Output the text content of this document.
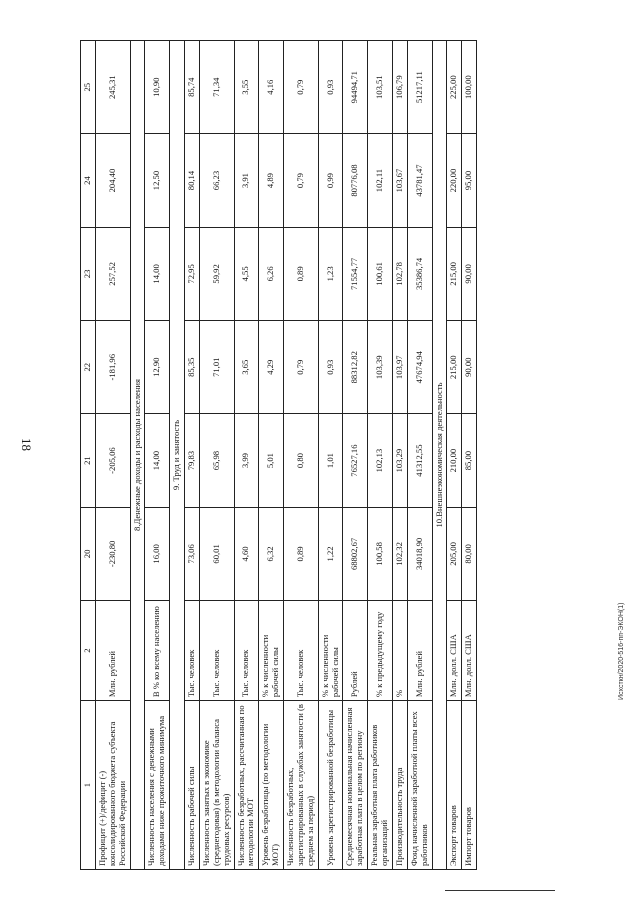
18
1	2	20	21	22	23	24	25
Профицит (+)/дефицит (-) консолидированного бюджета субъекта Российской Федерации	Млн. рублей	-230,80	-205,06	-181,96	257,52	204,40	245,31
8.Денежные доходы и расходы населения							
Численность населения с денежными доходами ниже прожиточного минимума	В % ко всему населению	16,00	14,00	12,90	14,00	12,50	10,90
9. Труд и занятость							
Численность рабочей силы	Тыс. человек	73,06	79,83	85,35	72,95	80,14	85,74
Численность занятых в экономике (среднегодовая) (в методологии баланса трудовых ресурсов)	Тыс. человек	60,01	65,98	71,01	59,92	66,23	71,34
Численность безработных, рассчитанная по методологии МОТ	Тыс. человек	4,60	3,99	3,65	4,55	3,91	3,55
Уровень безработицы (по методологии МОТ)	% к численности рабочей силы	6,32	5,01	4,29	6,26	4,89	4,16
Численность безработных, зарегистрированных в службах занятости (в среднем за период)	Тыс. человек	0,89	0,80	0,79	0,89	0,79	0,79
Уровень зарегистрированной безработицы	% к численности рабочей силы	1,22	1,01	0,93	1,23	0,99	0,93
Среднемесячная номинальная начисленная заработная плата в целом по региону	Рублей	68802,67	76527,16	88312,82	71554,77	80776,08	94494,71
Реальная заработная плата работников организаций	% к предыдущему году	100,58	102,13	103,39	100,61	102,11	103,51
Производительность труда	%	102,32	103,29	103,97	102,78	103,67	106,79
Фонд начисленной заработной платы всех работников	Млн. рублей	34018,90	41312,55	47674,94	35386,74	43781,47	51217,11
10.Внешнеэкономическая деятельность							
Экспорт товаров	Млн. долл. США	205,00	210,00	215,00	215,00	220,00	225,00
Импорт товаров	Млн. долл. США	80,00	85,00	90,00	90,00	95,00	100,00
Исхсткн/2020-516-пп-ЭКОН(1)
